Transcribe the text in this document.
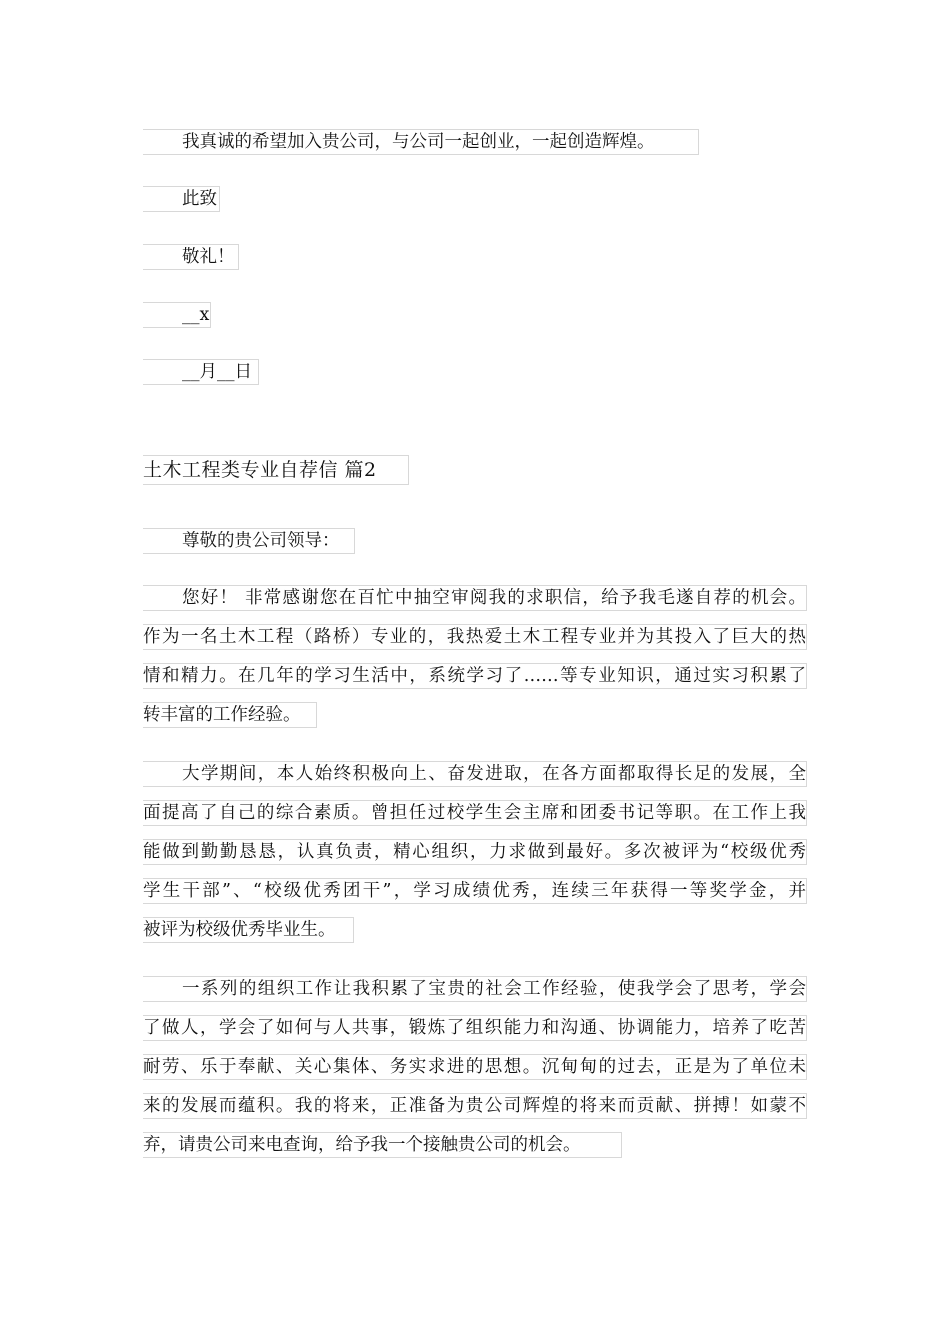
我真诚的希望加入贵公司，与公司一起创业，一起创造辉煌。
此致
敬礼！
__x
__月__日
土木工程类专业自荐信 篇2
尊敬的贵公司领导：
您好！ 非常感谢您在百忙中抽空审阅我的求职信，给予我毛遂自荐的机会。
作为一名土木工程（路桥）专业的，我热爱土木工程专业并为其投入了巨大的热
情和精力。在几年的学习生活中，系统学习了……等专业知识，通过实习积累了
转丰富的工作经验。
大学期间，本人始终积极向上、奋发进取，在各方面都取得长足的发展，全
面提高了自己的综合素质。曾担任过校学生会主席和团委书记等职。在工作上我
能做到勤勤恳恳，认真负责，精心组织，力求做到最好。多次被评为“校级优秀
学生干部”、“校级优秀团干”，学习成绩优秀，连续三年获得一等奖学金，并
被评为校级优秀毕业生。
一系列的组织工作让我积累了宝贵的社会工作经验，使我学会了思考，学会
了做人，学会了如何与人共事，锻炼了组织能力和沟通、协调能力，培养了吃苦
耐劳、乐于奉献、关心集体、务实求进的思想。沉甸甸的过去，正是为了单位未
来的发展而蕴积。我的将来，正准备为贵公司辉煌的将来而贡献、拼搏！如蒙不
弃，请贵公司来电查询，给予我一个接触贵公司的机会。
